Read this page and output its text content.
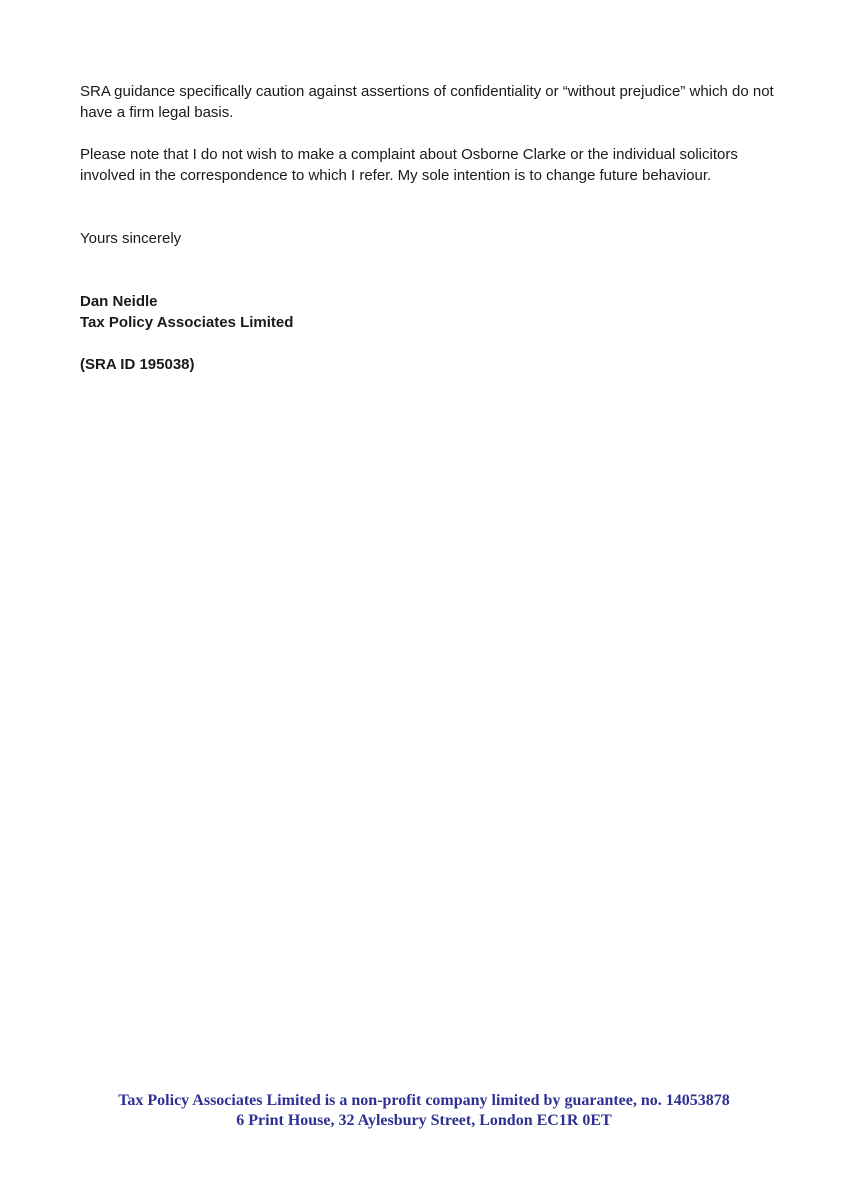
SRA guidance specifically caution against assertions of confidentiality or “without prejudice” which do not have a firm legal basis.

Please note that I do not wish to make a complaint about Osborne Clarke or the individual solicitors involved in the correspondence to which I refer. My sole intention is to change future behaviour.

Yours sincerely

Dan Neidle

Tax Policy Associates Limited

(SRA ID 195038)

Tax Policy Associates Limited is a non-profit company limited by guarantee, no. 14053878

6 Print House, 32 Aylesbury Street, London EC1R 0ET
